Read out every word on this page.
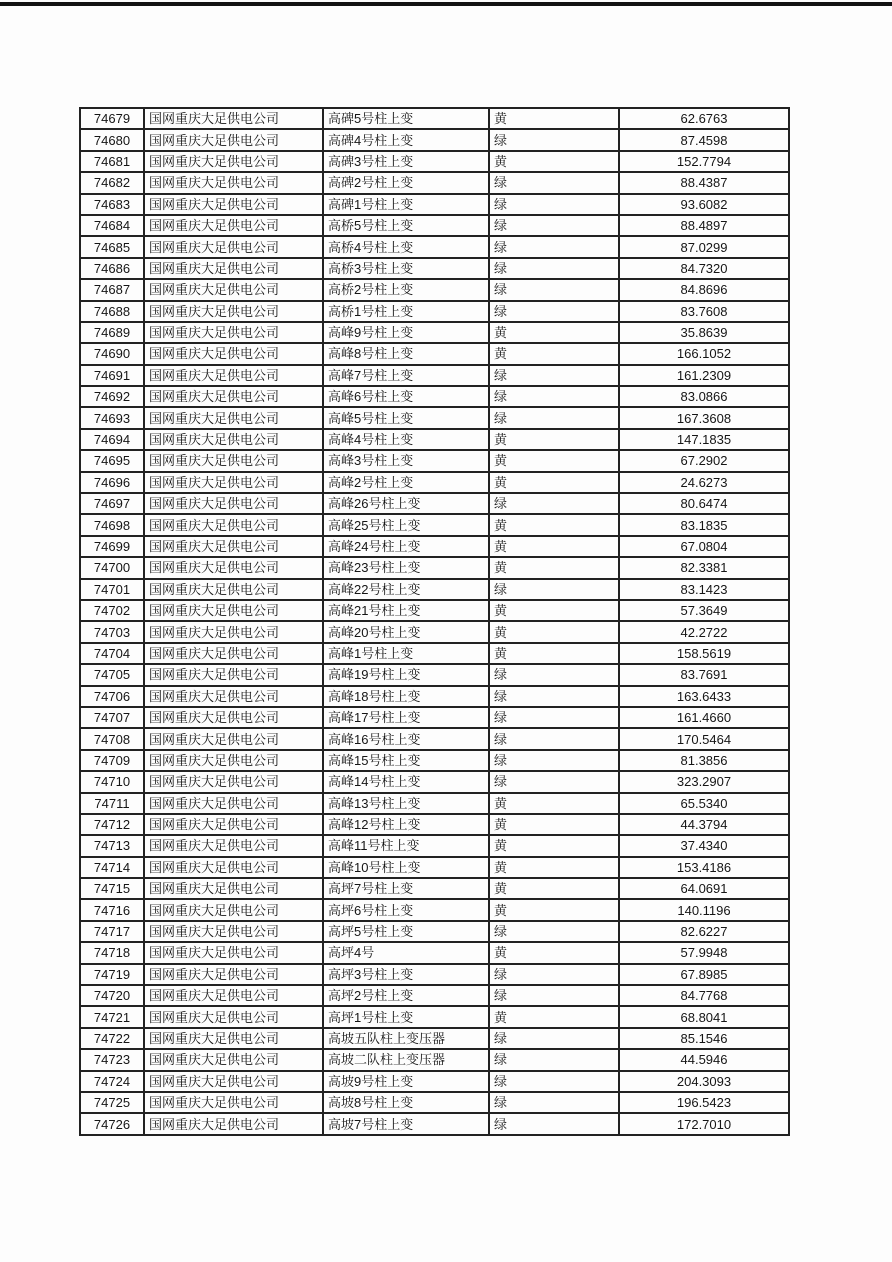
74679	国网重庆大足供电公司	高碑5号柱上变	黄	62.6763
74680	国网重庆大足供电公司	高碑4号柱上变	绿	87.4598
74681	国网重庆大足供电公司	高碑3号柱上变	黄	152.7794
74682	国网重庆大足供电公司	高碑2号柱上变	绿	88.4387
74683	国网重庆大足供电公司	高碑1号柱上变	绿	93.6082
74684	国网重庆大足供电公司	高桥5号柱上变	绿	88.4897
74685	国网重庆大足供电公司	高桥4号柱上变	绿	87.0299
74686	国网重庆大足供电公司	高桥3号柱上变	绿	84.7320
74687	国网重庆大足供电公司	高桥2号柱上变	绿	84.8696
74688	国网重庆大足供电公司	高桥1号柱上变	绿	83.7608
74689	国网重庆大足供电公司	高峰9号柱上变	黄	35.8639
74690	国网重庆大足供电公司	高峰8号柱上变	黄	166.1052
74691	国网重庆大足供电公司	高峰7号柱上变	绿	161.2309
74692	国网重庆大足供电公司	高峰6号柱上变	绿	83.0866
74693	国网重庆大足供电公司	高峰5号柱上变	绿	167.3608
74694	国网重庆大足供电公司	高峰4号柱上变	黄	147.1835
74695	国网重庆大足供电公司	高峰3号柱上变	黄	67.2902
74696	国网重庆大足供电公司	高峰2号柱上变	黄	24.6273
74697	国网重庆大足供电公司	高峰26号柱上变	绿	80.6474
74698	国网重庆大足供电公司	高峰25号柱上变	黄	83.1835
74699	国网重庆大足供电公司	高峰24号柱上变	黄	67.0804
74700	国网重庆大足供电公司	高峰23号柱上变	黄	82.3381
74701	国网重庆大足供电公司	高峰22号柱上变	绿	83.1423
74702	国网重庆大足供电公司	高峰21号柱上变	黄	57.3649
74703	国网重庆大足供电公司	高峰20号柱上变	黄	42.2722
74704	国网重庆大足供电公司	高峰1号柱上变	黄	158.5619
74705	国网重庆大足供电公司	高峰19号柱上变	绿	83.7691
74706	国网重庆大足供电公司	高峰18号柱上变	绿	163.6433
74707	国网重庆大足供电公司	高峰17号柱上变	绿	161.4660
74708	国网重庆大足供电公司	高峰16号柱上变	绿	170.5464
74709	国网重庆大足供电公司	高峰15号柱上变	绿	81.3856
74710	国网重庆大足供电公司	高峰14号柱上变	绿	323.2907
74711	国网重庆大足供电公司	高峰13号柱上变	黄	65.5340
74712	国网重庆大足供电公司	高峰12号柱上变	黄	44.3794
74713	国网重庆大足供电公司	高峰11号柱上变	黄	37.4340
74714	国网重庆大足供电公司	高峰10号柱上变	黄	153.4186
74715	国网重庆大足供电公司	高坪7号柱上变	黄	64.0691
74716	国网重庆大足供电公司	高坪6号柱上变	黄	140.1196
74717	国网重庆大足供电公司	高坪5号柱上变	绿	82.6227
74718	国网重庆大足供电公司	高坪4号	黄	57.9948
74719	国网重庆大足供电公司	高坪3号柱上变	绿	67.8985
74720	国网重庆大足供电公司	高坪2号柱上变	绿	84.7768
74721	国网重庆大足供电公司	高坪1号柱上变	黄	68.8041
74722	国网重庆大足供电公司	高坡五队柱上变压器	绿	85.1546
74723	国网重庆大足供电公司	高坡二队柱上变压器	绿	44.5946
74724	国网重庆大足供电公司	高坡9号柱上变	绿	204.3093
74725	国网重庆大足供电公司	高坡8号柱上变	绿	196.5423
74726	国网重庆大足供电公司	高坡7号柱上变	绿	172.7010
